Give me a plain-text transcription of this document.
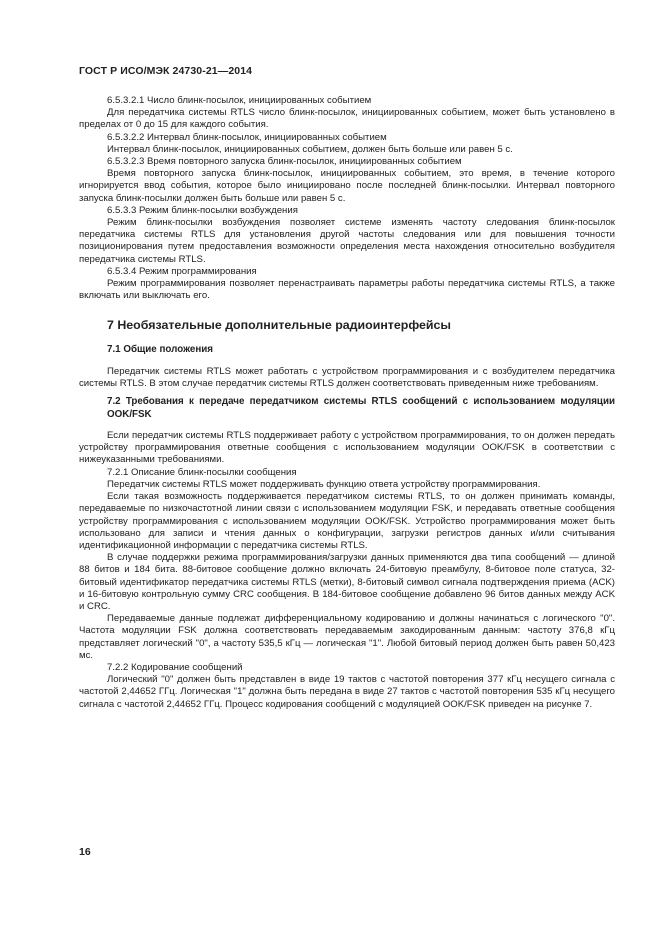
ГОСТ Р ИСО/МЭК 24730-21—2014

6.5.3.2.1 Число блинк-посылок, инициированных событием

Для передатчика системы RTLS число блинк-посылок, инициированных событием, может быть установлено в пределах от 0 до 15 для каждого события.

6.5.3.2.2 Интервал блинк-посылок, инициированных событием

Интервал блинк-посылок, инициированных событием, должен быть больше или равен 5 с.

6.5.3.2.3 Время повторного запуска блинк-посылок, инициированных событием

Время повторного запуска блинк-посылок, инициированных событием, это время, в течение которого игнорируется ввод события, которое было инициировано после последней блинк-посылки. Интервал повторного запуска блинк-посылки должен быть больше или равен 5 с.

6.5.3.3 Режим блинк-посылки возбуждения

Режим блинк-посылки возбуждения позволяет системе изменять частоту следования блинк-посылок передатчика системы RTLS для установления другой частоты следования или для повышения точности позиционирования путем предоставления возможности определения места нахождения относительно возбудителя передатчика системы RTLS.

6.5.3.4 Режим программирования

Режим программирования позволяет перенастраивать параметры работы передатчика системы RTLS, а также включать или выключать его.

7 Необязательные дополнительные радиоинтерфейсы
7.1 Общие положения

Передатчик системы RTLS может работать с устройством программирования и с возбудителем передатчика системы RTLS. В этом случае передатчик системы RTLS должен соответствовать приведенным ниже требованиям.

7.2 Требования к передаче передатчиком системы RTLS сообщений с использованием модуляции OOK/FSK

Если передатчик системы RTLS поддерживает работу с устройством программирования, то он должен передать устройству программирования ответные сообщения с использованием модуляции OOK/FSK в соответствии с нижеуказанными требованиями.

7.2.1 Описание блинк-посылки сообщения

Передатчик системы RTLS может поддерживать функцию ответа устройству программирования.

Если такая возможность поддерживается передатчиком системы RTLS, то он должен принимать команды, передаваемые по низкочастотной линии связи с использованием модуляции FSK, и передавать ответные сообщения устройству программирования с использованием модуляции OOK/FSK. Устройство программирования может быть использовано для записи и чтения данных о конфигурации, загрузки регистров данных и/или считывания идентификационной информации с передатчика системы RTLS.

В случае поддержки режима программирования/загрузки данных применяются два типа сообщений — длиной 88 битов и 184 бита. 88-битовое сообщение должно включать 24-битовую преамбулу, 8-битовое поле статуса, 32-битовый идентификатор передатчика системы RTLS (метки), 8-битовый символ сигнала подтверждения приема (ACK) и 16-битовую контрольную сумму CRC сообщения. В 184-битовое сообщение добавлено 96 битов данных между ACK и CRC.

Передаваемые данные подлежат дифференциальному кодированию и должны начинаться с логического "0". Частота модуляции FSK должна соответствовать передаваемым закодированным данным: частоту 376,8 кГц представляет логический "0", а частоту 535,5 кГц — логическая "1". Любой битовый период должен быть равен 50,423 мс.

7.2.2 Кодирование сообщений

Логический "0" должен быть представлен в виде 19 тактов с частотой повторения 377 кГц несущего сигнала с частотой 2,44652 ГГц. Логическая "1" должна быть передана в виде 27 тактов с частотой повторения 535 кГц несущего сигнала с частотой 2,44652 ГГц. Процесс кодирования сообщений с модуляцией OOK/FSK приведен на рисунке 7.

16
